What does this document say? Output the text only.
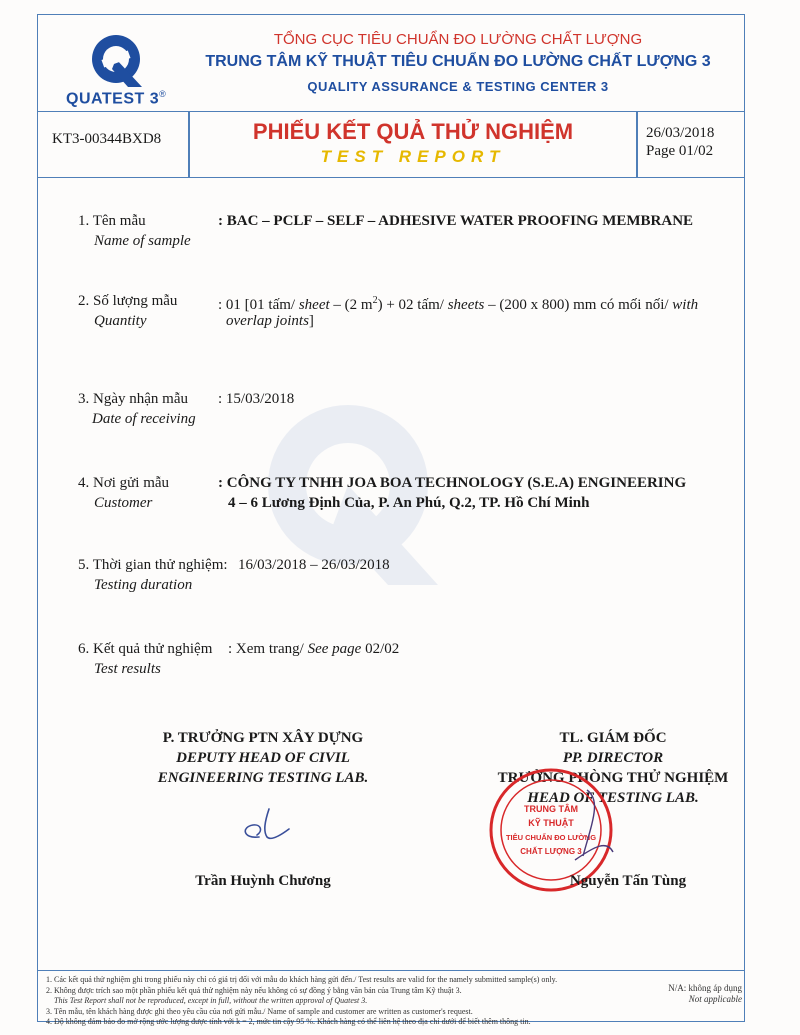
QUATEST 3®
TỔNG CỤC TIÊU CHUẨN ĐO LƯỜNG CHẤT LƯỢNG
TRUNG TÂM KỸ THUẬT TIÊU CHUẨN ĐO LƯỜNG CHẤT LƯỢNG 3
QUALITY ASSURANCE & TESTING CENTER 3
KT3-00344BXD8	PHIẾU KẾT QUẢ THỬ NGHIỆM
TEST REPORT
26/03/2018
Page 01/02
1. Tên mẫu
Name of sample
: BAC – PCLF – SELF – ADHESIVE WATER PROOFING MEMBRANE
2. Số lượng mẫu
Quantity
: 01 [01 tấm/ sheet – (2 $m^2) + 02$ tấm/ sheets – (200 x 800) mm có mối nối/ with
overlap joints]
3. Ngày nhận mẫu
Date of receiving
: 15/03/2018
4. Nơi gửi mẫu
Customer
: CÔNG TY TNHH JOA BOA TECHNOLOGY (S.E.A) ENGINEERING
4 – 6 Lương Định Của, P. An Phú, Q.2, TP. Hồ Chí Minh
5. Thời gian thử nghiệm:
Testing duration
16/03/2018 – 26/03/2018
6. Kết quả thử nghiệm
Test results
: Xem trang/ See page 02/02
P. TRƯỞNG PTN XÂY DỰNG
DEPUTY HEAD OF CIVIL
ENGINEERING TESTING LAB.
TL. GIÁM ĐỐC
PP. DIRECTOR
TRƯỞNG PHÒNG THỬ NGHIỆM
HEAD OF TESTING LAB.
TRUNG TÂM
KỸ THUẬT
TIÊU CHUẨN ĐO LƯỜNG
CHẤT LƯỢNG 3
Trần Huỳnh Chương	Nguyễn Tấn Tùng
1. Các kết quả thử nghiệm ghi trong phiếu này chỉ có giá trị đối với mẫu do khách hàng gửi đến./ Test results are valid for the namely submitted sample(s) only.
2. Không được trích sao một phần phiếu kết quả thử nghiệm này nếu không có sự đồng ý bằng văn bản của Trung tâm Kỹ thuật 3.
This Test Report shall not be reproduced, except in full, without the written approval of Quatest 3.
3. Tên mẫu, tên khách hàng được ghi theo yêu cầu của nơi gửi mẫu./ Name of sample and customer are written as customer's request.
4. Độ không đảm bảo đo mở rộng ước lượng được tính với k = 2, mức tin cậy 95 %. Khách hàng có thể liên hệ theo địa chỉ dưới để biết thêm thông tin.
N/A: không áp dụng
Not applicable
